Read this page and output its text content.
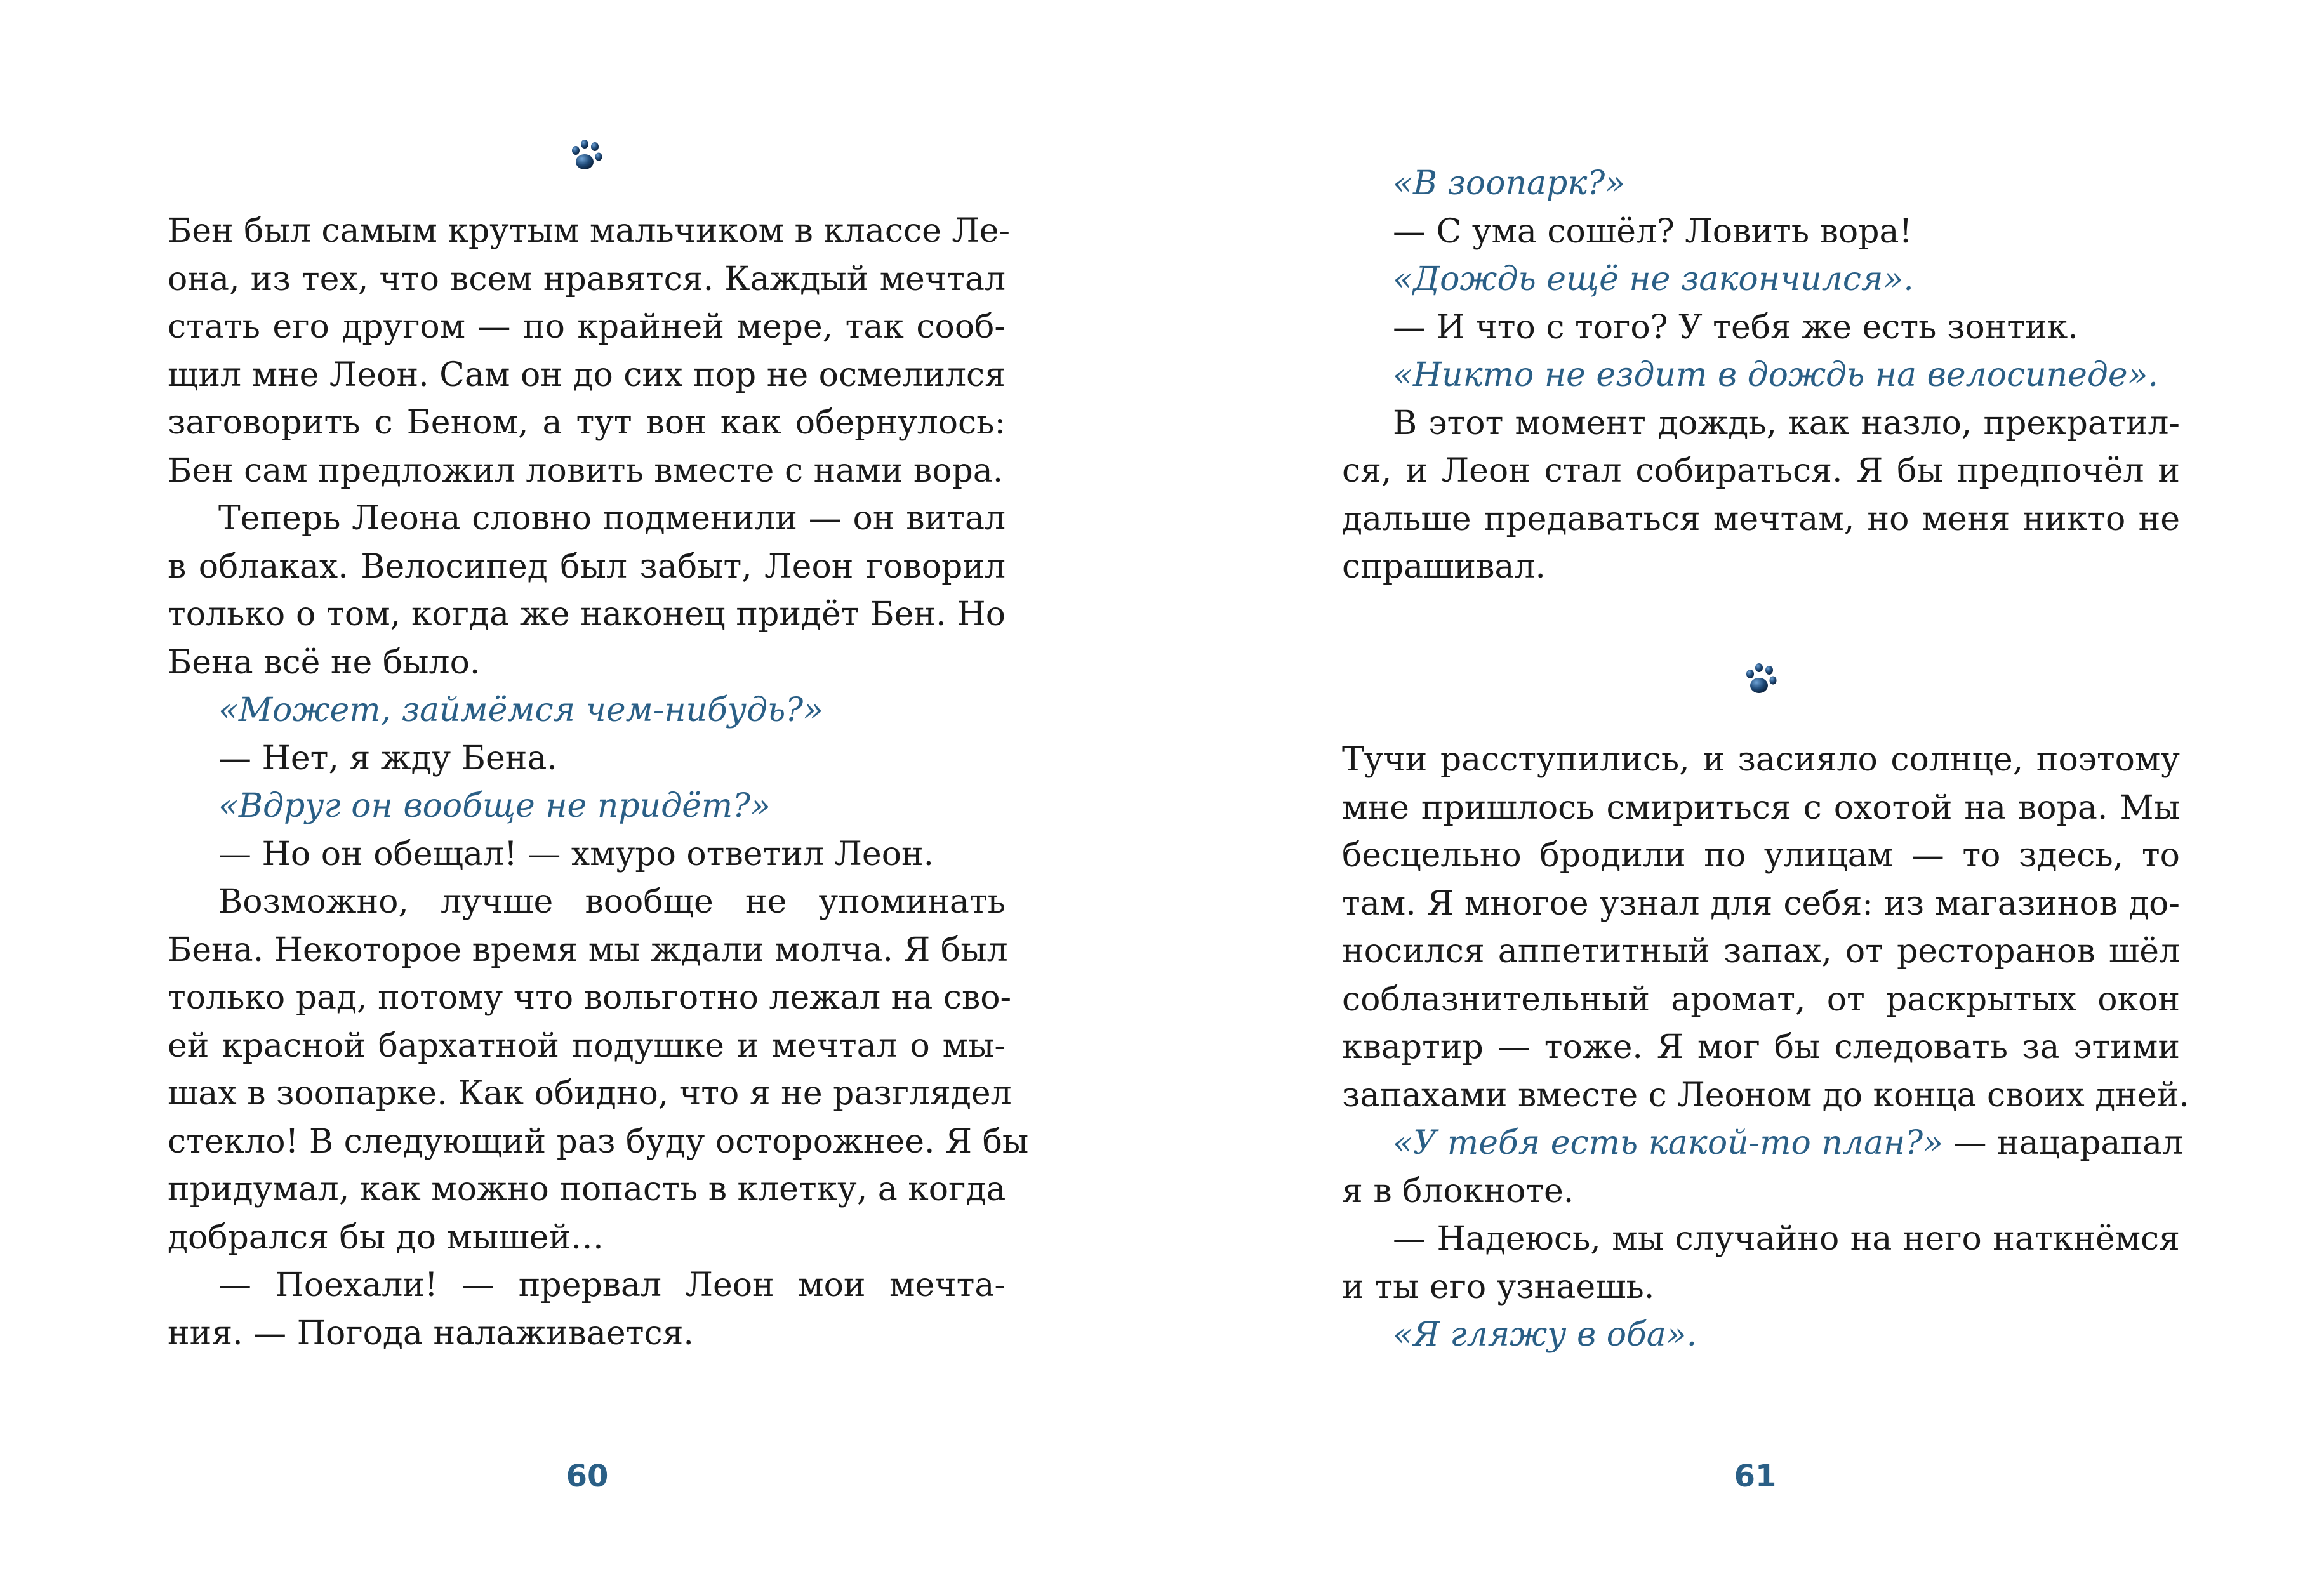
Бен был самым крутым мальчиком в классе Ле-
она, из тех, что всем нравятся. Каждый мечтал
стать его другом — по крайней мере, так сооб-
щил мне Леон. Сам он до сих пор не осмелился
заговорить с Беном, а тут вон как обернулось:
Бен сам предложил ловить вместе с нами вора.
Теперь Леона словно подменили — он витал
в облаках. Велосипед был забыт, Леон говорил
только о том, когда же наконец придёт Бен. Но
Бена всё не было.
«Может, займёмся чем-нибудь?»
— Нет, я жду Бена.
«Вдруг он вообще не придёт?»
— Но он обещал! — хмуро ответил Леон.
Возможно, лучше вообще не упоминать
Бена. Некоторое время мы ждали молча. Я был
только рад, потому что вольготно лежал на сво-
ей красной бархатной подушке и мечтал о мы-
шах в зоопарке. Как обидно, что я не разглядел
стекло! В следующий раз буду осторожнее. Я бы
придумал, как можно попасть в клетку, а когда
добрался бы до мышей…
— Поехали! — прервал Леон мои мечта-
ния. — Погода налаживается.
60	61
«В зоопарк?»
— С ума сошёл? Ловить вора!
«Дождь ещё не закончился».
— И что с того? У тебя же есть зонтик.
«Никто не ездит в дождь на велосипеде».
В этот момент дождь, как назло, прекратил-
ся, и Леон стал собираться. Я бы предпочёл и
дальше предаваться мечтам, но меня никто не
спрашивал.
Тучи расступились, и засияло солнце, поэтому
мне пришлось смириться с охотой на вора. Мы
бесцельно бродили по улицам — то здесь, то
там. Я многое узнал для себя: из магазинов до-
носился аппетитный запах, от ресторанов шёл
соблазнительный аромат, от раскрытых окон
квартир — тоже. Я мог бы следовать за этими
запахами вместе с Леоном до конца своих дней.
«У тебя есть какой-то план?» — нацарапал
я в блокноте.
— Надеюсь, мы случайно на него наткнёмся
и ты его узнаешь.
«Я гляжу в оба».
